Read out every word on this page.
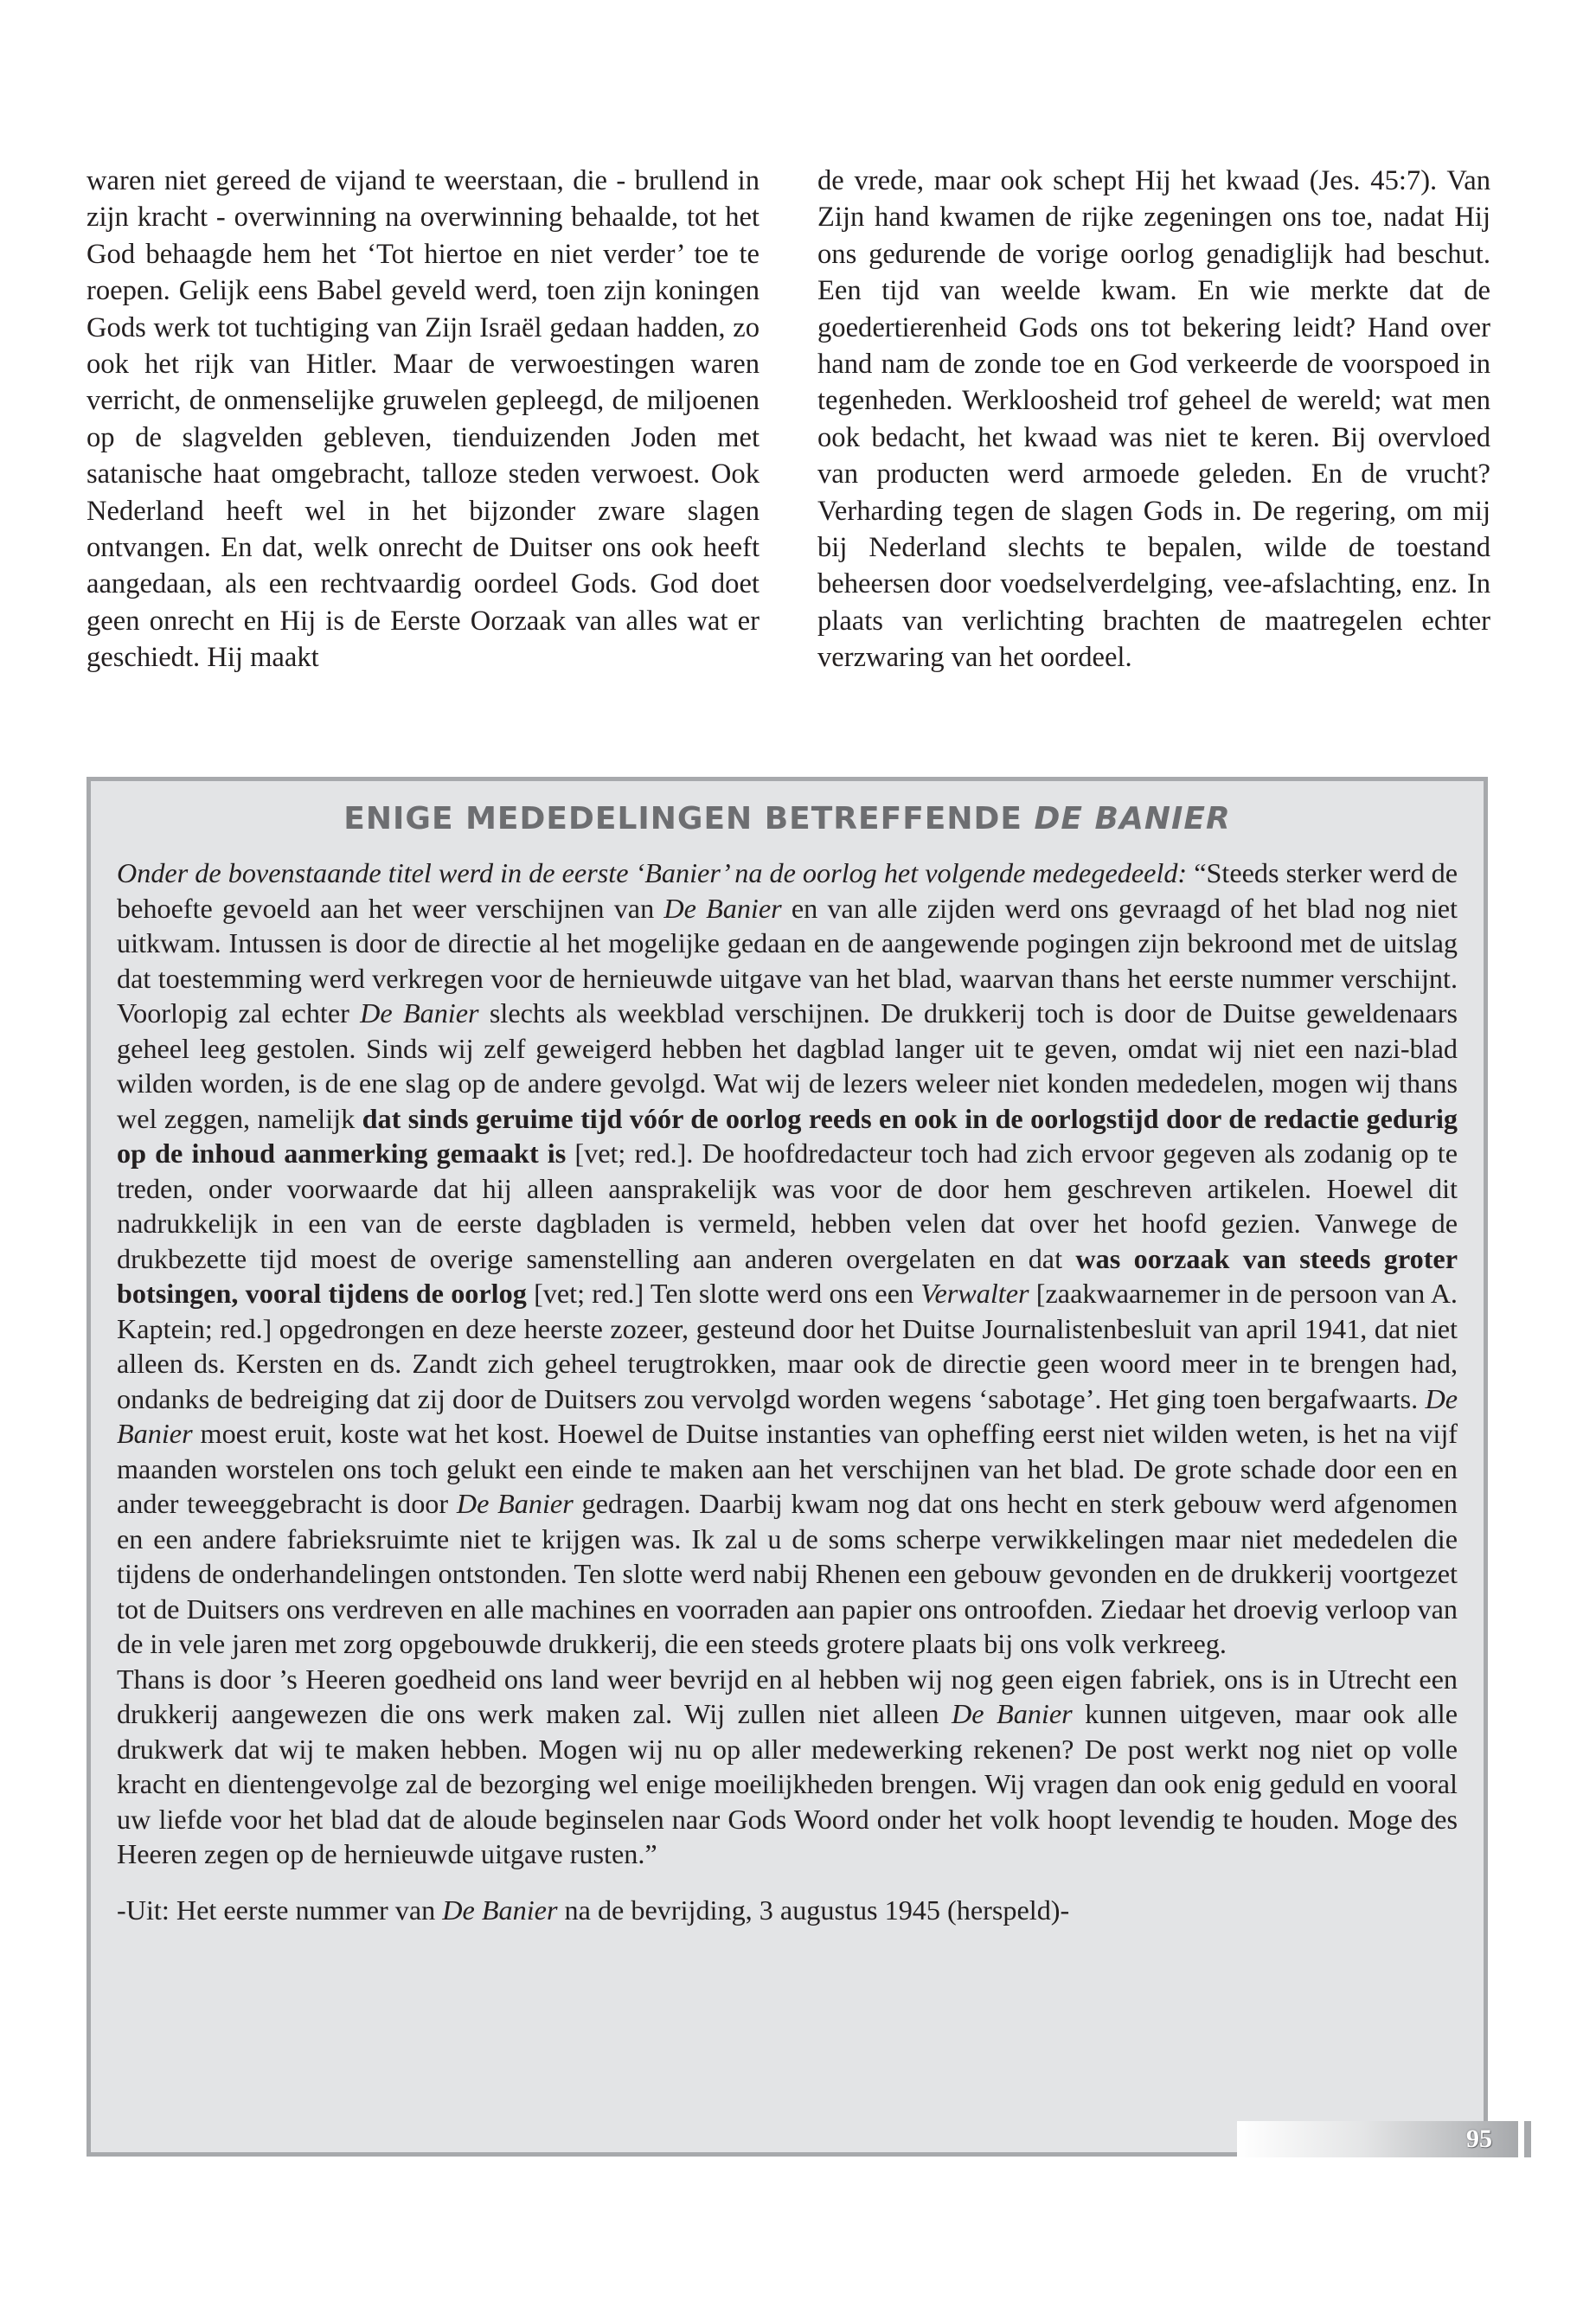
waren niet gereed de vijand te weerstaan, die - brullend in zijn kracht - overwinning na overwinning behaalde, tot het God behaagde hem het ‘Tot hiertoe en niet verder’ toe te roepen. Gelijk eens Babel geveld werd, toen zijn koningen Gods werk tot tuchtiging van Zijn Israël gedaan hadden, zo ook het rijk van Hitler. Maar de verwoestingen waren verricht, de onmenselijke gruwelen gepleegd, de miljoenen op de slagvelden gebleven, tienduizenden Joden met satanische haat omgebracht, talloze steden verwoest. Ook Nederland heeft wel in het bijzonder zware slagen ontvangen. En dat, welk onrecht de Duitser ons ook heeft aangedaan, als een rechtvaardig oordeel Gods. God doet geen onrecht en Hij is de Eerste Oorzaak van alles wat er geschiedt. Hij maakt

de vrede, maar ook schept Hij het kwaad (Jes. 45:7). Van Zijn hand kwamen de rijke zegeningen ons toe, nadat Hij ons gedurende de vorige oorlog genadiglijk had beschut. Een tijd van weelde kwam. En wie merkte dat de goedertierenheid Gods ons tot bekering leidt? Hand over hand nam de zonde toe en God verkeerde de voorspoed in tegenheden. Werkloosheid trof geheel de wereld; wat men ook bedacht, het kwaad was niet te keren. Bij overvloed van producten werd armoede geleden. En de vrucht? Verharding tegen de slagen Gods in. De regering, om mij bij Nederland slechts te bepalen, wilde de toestand beheersen door voedselverdelging, vee-afslachting, enz. In plaats van verlichting brachten de maatregelen echter verzwaring van het oordeel.

ENIGE MEDEDELINGEN BETREFFENDE DE BANIER

Onder de bovenstaande titel werd in de eerste ‘Banier’ na de oorlog het volgende medegedeeld: “Steeds sterker werd de behoefte gevoeld aan het weer verschijnen van De Banier en van alle zijden werd ons gevraagd of het blad nog niet uitkwam. Intussen is door de directie al het mogelijke gedaan en de aangewende pogingen zijn bekroond met de uitslag dat toestemming werd verkregen voor de hernieuwde uitgave van het blad, waarvan thans het eerste nummer verschijnt. Voorlopig zal echter De Banier slechts als weekblad verschijnen. De drukkerij toch is door de Duitse geweldenaars geheel leeg gestolen. Sinds wij zelf geweigerd hebben het dagblad langer uit te geven, omdat wij niet een nazi-blad wilden worden, is de ene slag op de andere gevolgd. Wat wij de lezers weleer niet konden mededelen, mogen wij thans wel zeggen, namelijk dat sinds geruime tijd vóór de oorlog reeds en ook in de oorlogstijd door de redactie gedurig op de inhoud aanmerking gemaakt is [vet; red.]. De hoofdredacteur toch had zich ervoor gegeven als zodanig op te treden, onder voorwaarde dat hij alleen aansprakelijk was voor de door hem geschreven artikelen. Hoewel dit nadrukkelijk in een van de eerste dagbladen is vermeld, hebben velen dat over het hoofd gezien. Vanwege de drukbezette tijd moest de overige samenstelling aan anderen overgelaten en dat was oorzaak van steeds groter botsingen, vooral tijdens de oorlog [vet; red.] Ten slotte werd ons een Verwalter [zaakwaarnemer in de persoon van A. Kaptein; red.] opgedrongen en deze heerste zozeer, gesteund door het Duitse Journalistenbesluit van april 1941, dat niet alleen ds. Kersten en ds. Zandt zich geheel terugtrokken, maar ook de directie geen woord meer in te brengen had, ondanks de bedreiging dat zij door de Duitsers zou vervolgd worden wegens ‘sabotage’. Het ging toen bergafwaarts. De Banier moest eruit, koste wat het kost. Hoewel de Duitse instanties van opheffing eerst niet wilden weten, is het na vijf maanden worstelen ons toch gelukt een einde te maken aan het verschijnen van het blad. De grote schade door een en ander teweeggebracht is door De Banier gedragen. Daarbij kwam nog dat ons hecht en sterk gebouw werd afgenomen en een andere fabrieksruimte niet te krijgen was. Ik zal u de soms scherpe verwikkelingen maar niet mededelen die tijdens de onderhandelingen ontstonden. Ten slotte werd nabij Rhenen een gebouw gevonden en de drukkerij voortgezet tot de Duitsers ons verdreven en alle machines en voorraden aan papier ons ontroofden. Ziedaar het droevig verloop van de in vele jaren met zorg opgebouwde drukkerij, die een steeds grotere plaats bij ons volk verkreeg.

Thans is door ’s Heeren goedheid ons land weer bevrijd en al hebben wij nog geen eigen fabriek, ons is in Utrecht een drukkerij aangewezen die ons werk maken zal. Wij zullen niet alleen De Banier kunnen uitgeven, maar ook alle drukwerk dat wij te maken hebben. Mogen wij nu op aller medewerking rekenen? De post werkt nog niet op volle kracht en dientengevolge zal de bezorging wel enige moeilijkheden brengen. Wij vragen dan ook enig geduld en vooral uw liefde voor het blad dat de aloude beginselen naar Gods Woord onder het volk hoopt levendig te houden. Moge des Heeren zegen op de hernieuwde uitgave rusten.”

-Uit: Het eerste nummer van De Banier na de bevrijding, 3 augustus 1945 (herspeld)-

95
